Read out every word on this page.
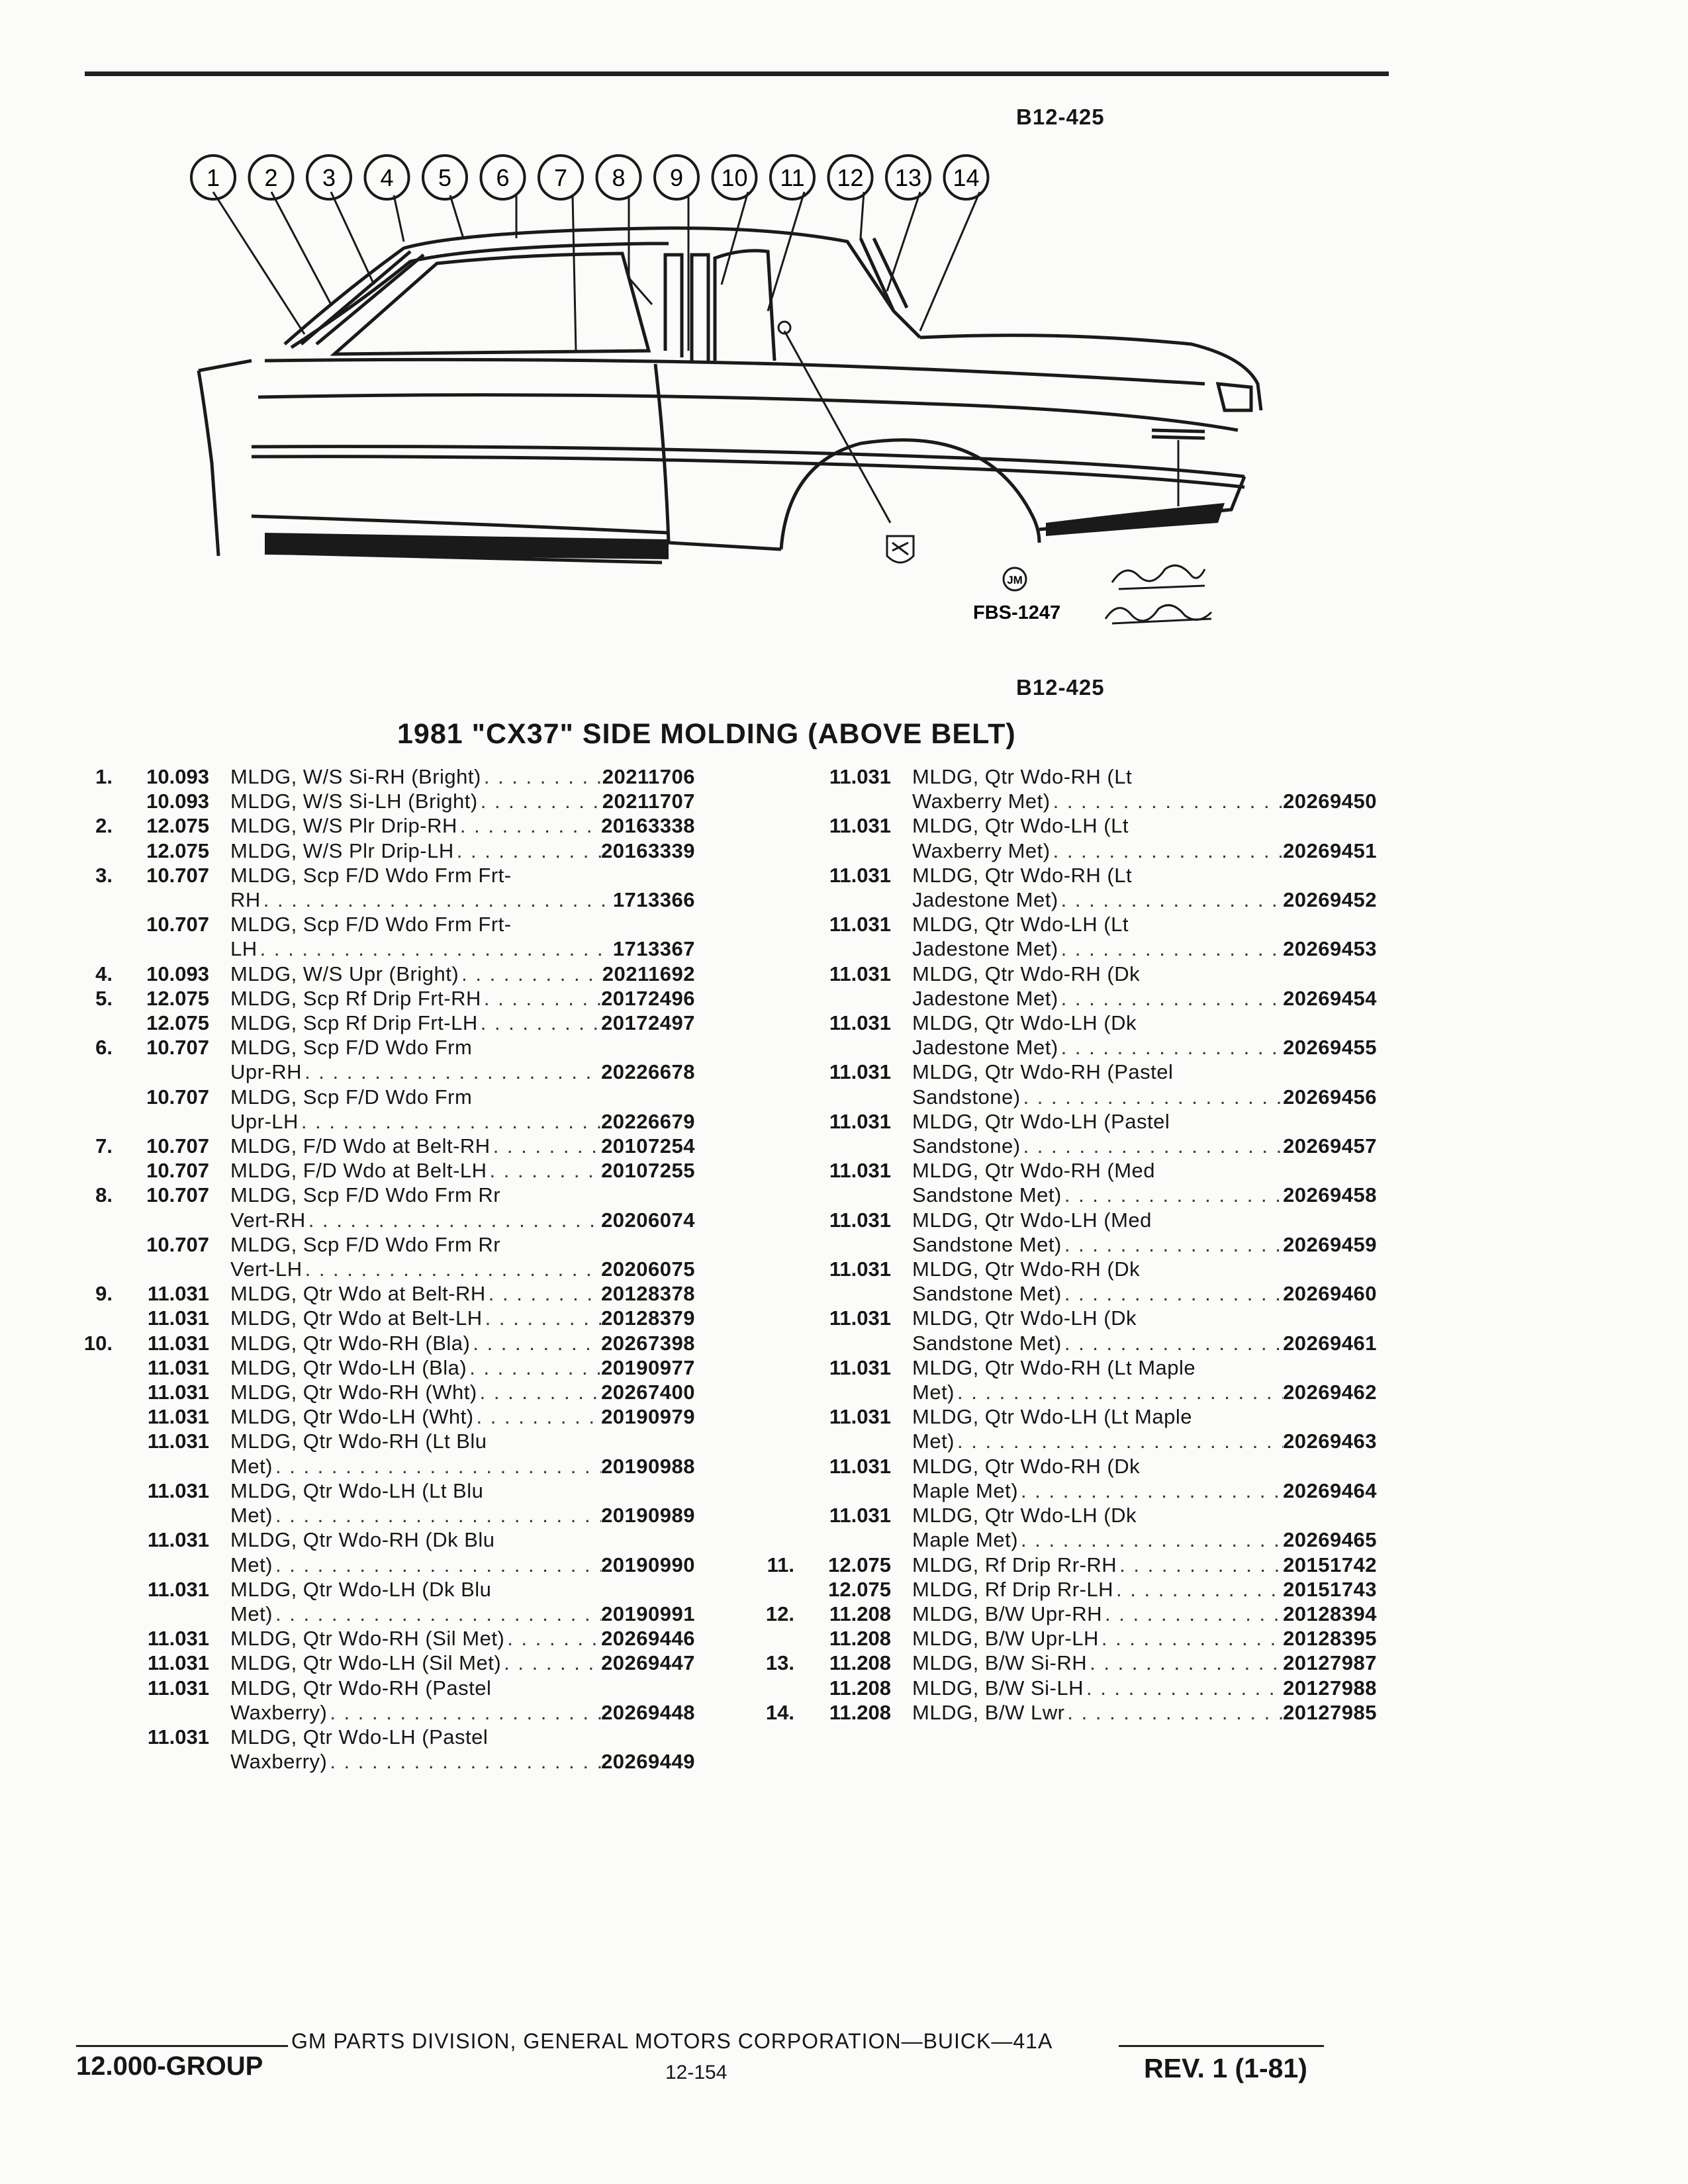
B12-425
1 2 3 4 5 6 7 8 9 10 11 12 13 14
JM
FBS-1247
B12-425
1981 "CX37" SIDE MOLDING (ABOVE BELT)
1.	10.093 MLDG, W/S Si-RH (Bright) . . .	20211706
10.093 MLDG, W/S Si-LH (Bright) . . .	20211707
2.	12.075 MLDG, W/S Plr Drip-RH . . .	20163338
12.075 MLDG, W/S Plr Drip-LH . . .	20163339
3.	10.707 MLDG, Scp F/D Wdo Frm Frt-
RH . . .	1713366
10.707 MLDG, Scp F/D Wdo Frm Frt-
LH . . .	1713367
4.	10.093 MLDG, W/S Upr (Bright) . . .	20211692
5.	12.075 MLDG, Scp Rf Drip Frt-RH . . .	20172496
12.075 MLDG, Scp Rf Drip Frt-LH . . .	20172497
6.	10.707 MLDG, Scp F/D Wdo Frm
Upr-RH . . .	20226678
10.707 MLDG, Scp F/D Wdo Frm
Upr-LH . . .	20226679
7.	10.707 MLDG, F/D Wdo at Belt-RH . . .	20107254
10.707 MLDG, F/D Wdo at Belt-LH . . .	20107255
8.	10.707 MLDG, Scp F/D Wdo Frm Rr
Vert-RH . . .	20206074
10.707 MLDG, Scp F/D Wdo Frm Rr
Vert-LH . . .	20206075
9.	11.031 MLDG, Qtr Wdo at Belt-RH . . .	20128378
11.031 MLDG, Qtr Wdo at Belt-LH . . .	20128379
10.	11.031 MLDG, Qtr Wdo-RH (Bla) . . .	20267398
11.031 MLDG, Qtr Wdo-LH (Bla) . . .	20190977
11.031 MLDG, Qtr Wdo-RH (Wht) . . .	20267400
11.031 MLDG, Qtr Wdo-LH (Wht) . . .	20190979
11.031 MLDG, Qtr Wdo-RH (Lt Blu
Met) . . .	20190988
11.031 MLDG, Qtr Wdo-LH (Lt Blu
Met) . . .	20190989
11.031 MLDG, Qtr Wdo-RH (Dk Blu
Met) . . .	20190990
11.031 MLDG, Qtr Wdo-LH (Dk Blu
Met) . . .	20190991
11.031 MLDG, Qtr Wdo-RH (Sil Met) . . .	20269446
11.031 MLDG, Qtr Wdo-LH (Sil Met) . . .	20269447
11.031 MLDG, Qtr Wdo-RH (Pastel
Waxberry) . . .	20269448
11.031 MLDG, Qtr Wdo-LH (Pastel
Waxberry) . . .	20269449
11.031 MLDG, Qtr Wdo-RH (Lt
Waxberry Met) . . .	20269450
11.031 MLDG, Qtr Wdo-LH (Lt
Waxberry Met) . . .	20269451
11.031 MLDG, Qtr Wdo-RH (Lt
Jadestone Met) . . .	20269452
11.031 MLDG, Qtr Wdo-LH (Lt
Jadestone Met) . . .	20269453
11.031 MLDG, Qtr Wdo-RH (Dk
Jadestone Met) . . .	20269454
11.031 MLDG, Qtr Wdo-LH (Dk
Jadestone Met) . . .	20269455
11.031 MLDG, Qtr Wdo-RH (Pastel
Sandstone) . . .	20269456
11.031 MLDG, Qtr Wdo-LH (Pastel
Sandstone) . . .	20269457
11.031 MLDG, Qtr Wdo-RH (Med
Sandstone Met) . . .	20269458
11.031 MLDG, Qtr Wdo-LH (Med
Sandstone Met) . . .	20269459
11.031 MLDG, Qtr Wdo-RH (Dk
Sandstone Met) . . .	20269460
11.031 MLDG, Qtr Wdo-LH (Dk
Sandstone Met) . . .	20269461
11.031 MLDG, Qtr Wdo-RH (Lt Maple
Met) . . .	20269462
11.031 MLDG, Qtr Wdo-LH (Lt Maple
Met) . . .	20269463
11.031 MLDG, Qtr Wdo-RH (Dk
Maple Met) . . .	20269464
11.031 MLDG, Qtr Wdo-LH (Dk
Maple Met) . . .	20269465
11.	12.075 MLDG, Rf Drip Rr-RH . . .	20151742
12.075 MLDG, Rf Drip Rr-LH . . .	20151743
12.	11.208 MLDG, B/W Upr-RH . . .	20128394
11.208 MLDG, B/W Upr-LH . . .	20128395
13.	11.208 MLDG, B/W Si-RH . . .	20127987
11.208 MLDG, B/W Si-LH . . .	20127988
14.	11.208 MLDG, B/W Lwr . . .	20127985
GM PARTS DIVISION, GENERAL MOTORS CORPORATION—BUICK—41A
12.000-GROUP	12-154	REV. 1 (1-81)
